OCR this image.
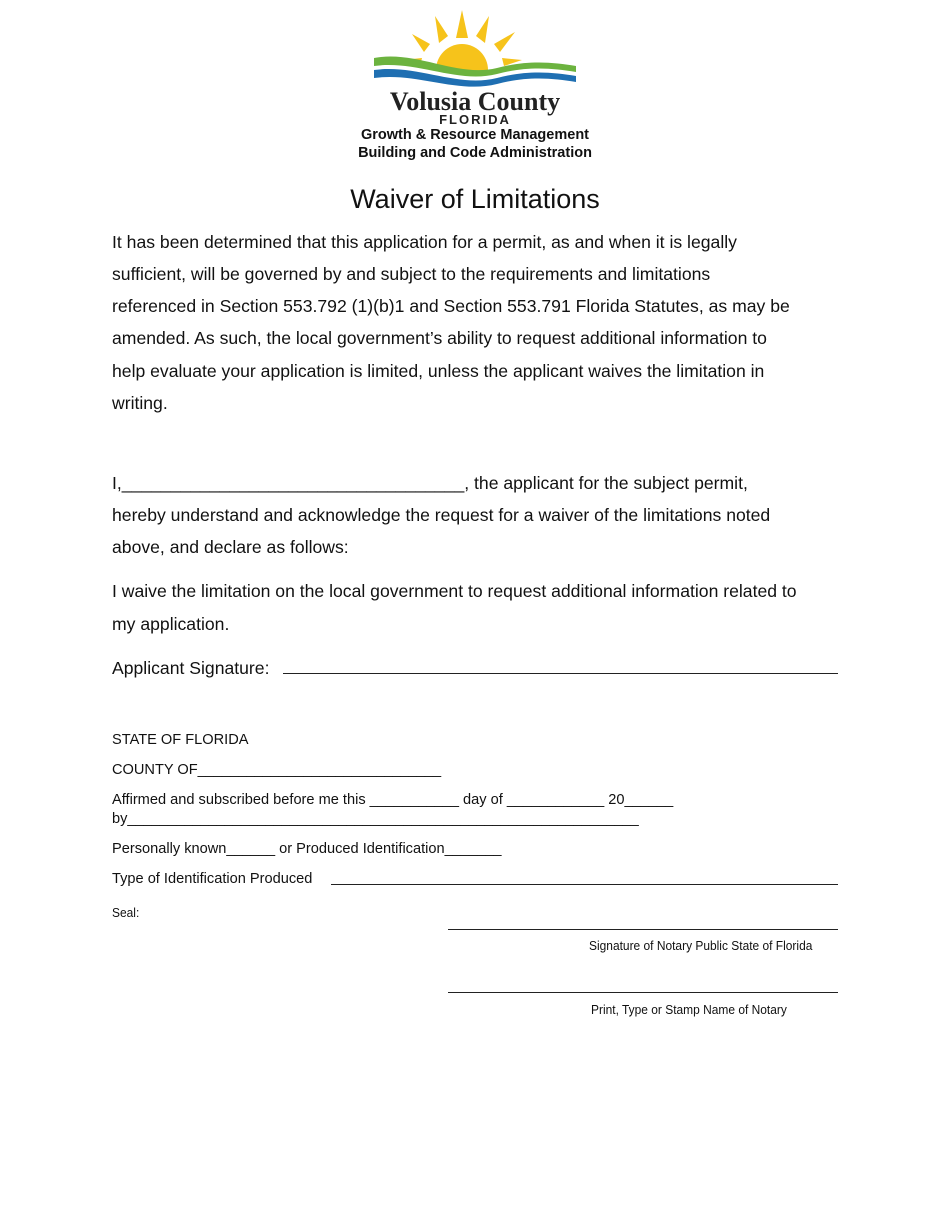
Volusia County
FLORIDA
Growth & Resource Management
Building and Code Administration
Waiver of Limitations
It has been determined that this application for a permit, as and when it is legally
sufficient, will be governed by and subject to the requirements and limitations
referenced in Section 553.792 (1)(b)1 and Section 553.791 Florida Statutes, as may be
amended. As such, the local government’s ability to request additional information to
help evaluate your application is limited, unless the applicant waives the limitation in
writing.
I,___________________________________, the applicant for the subject permit,
hereby understand and acknowledge the request for a waiver of the limitations noted
above, and declare as follows:
I waive the limitation on the local government to request additional information related to
my application.
Applicant Signature:
STATE OF FLORIDA
COUNTY OF______________________________
Affirmed and subscribed before me this ___________ day of ____________ 20______
by_______________________________________________________________
Personally known______ or Produced Identification_______
Type of Identification Produced
Seal:
Signature of Notary Public State of Florida
Print, Type or Stamp Name of Notary
